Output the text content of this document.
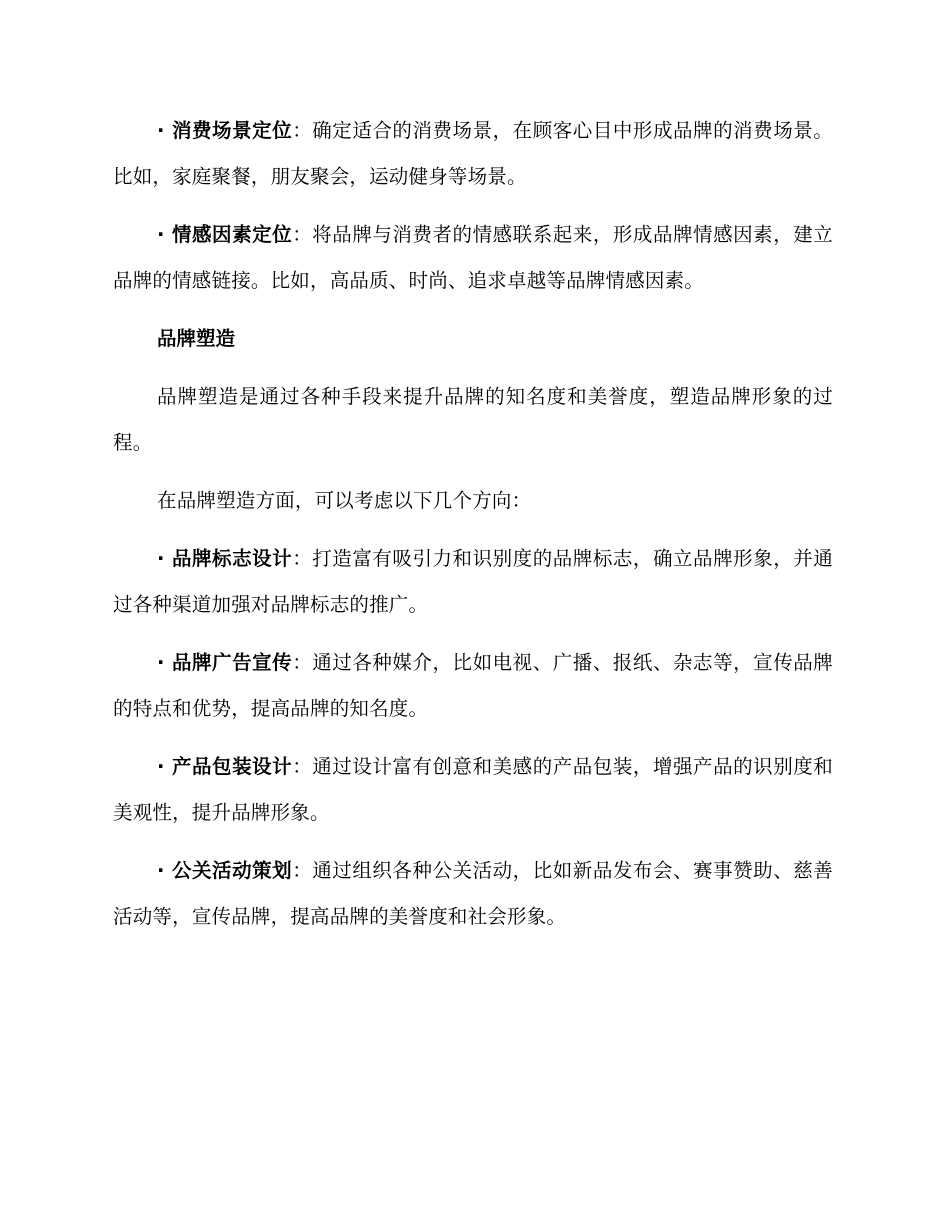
· 消费场景定位：确定适合的消费场景，在顾客心目中形成品牌的消费场景。比如，家庭聚餐，朋友聚会，运动健身等场景。

· 情感因素定位：将品牌与消费者的情感联系起来，形成品牌情感因素，建立品牌的情感链接。比如，高品质、时尚、追求卓越等品牌情感因素。

品牌塑造

品牌塑造是通过各种手段来提升品牌的知名度和美誉度，塑造品牌形象的过程。

在品牌塑造方面，可以考虑以下几个方向：

· 品牌标志设计：打造富有吸引力和识别度的品牌标志，确立品牌形象，并通过各种渠道加强对品牌标志的推广。

· 品牌广告宣传：通过各种媒介，比如电视、广播、报纸、杂志等，宣传品牌的特点和优势，提高品牌的知名度。

· 产品包装设计：通过设计富有创意和美感的产品包装，增强产品的识别度和美观性，提升品牌形象。

· 公关活动策划：通过组织各种公关活动，比如新品发布会、赛事赞助、慈善活动等，宣传品牌，提高品牌的美誉度和社会形象。
